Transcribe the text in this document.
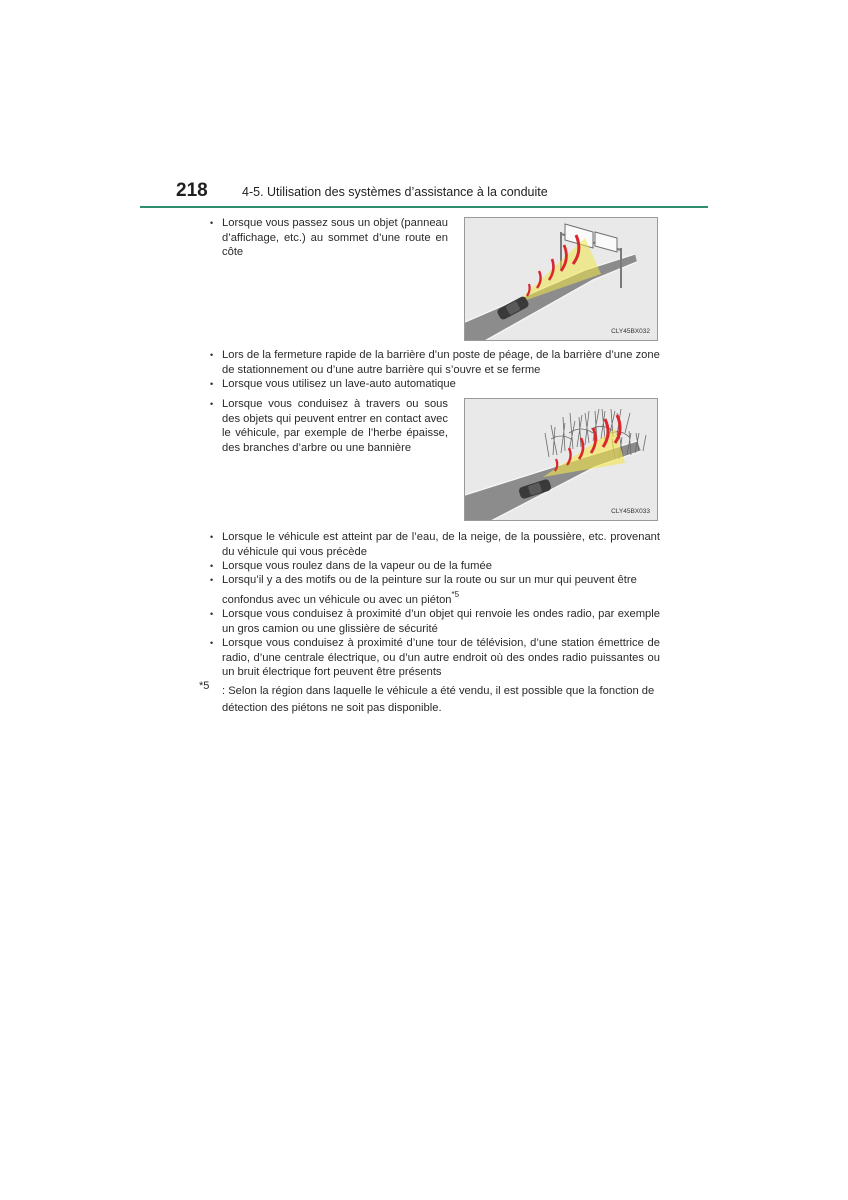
218	4-5. Utilisation des systèmes d’assistance à la conduite
• Lorsque vous passez sous un objet (panneau d’affichage, etc.) au sommet d’une route en côte
CLY45BX032
• Lors de la fermeture rapide de la barrière d’un poste de péage, de la barrière d’une zone de stationnement ou d’une autre barrière qui s’ouvre et se ferme
• Lorsque vous utilisez un lave-auto automatique
• Lorsque vous conduisez à travers ou sous des objets qui peuvent entrer en contact avec le véhicule, par exemple de l’herbe épaisse, des branches d’arbre ou une bannière
CLY45BX033
• Lorsque le véhicule est atteint par de l’eau, de la neige, de la poussière, etc. provenant du véhicule qui vous précède
• Lorsque vous roulez dans de la vapeur ou de la fumée
• Lorsqu’il y a des motifs ou de la peinture sur la route ou sur un mur qui peuvent être confondus avec un véhicule ou avec un piéton$^{*5}$
• Lorsque vous conduisez à proximité d’un objet qui renvoie les ondes radio, par exemple un gros camion ou une glissière de sécurité
• Lorsque vous conduisez à proximité d’une tour de télévision, d’une station émettrice de radio, d’une centrale électrique, ou d’un autre endroit où des ondes radio puissantes ou un bruit électrique fort peuvent être présents
*5 : Selon la région dans laquelle le véhicule a été vendu, il est possible que la fonction de détection des piétons ne soit pas disponible.
